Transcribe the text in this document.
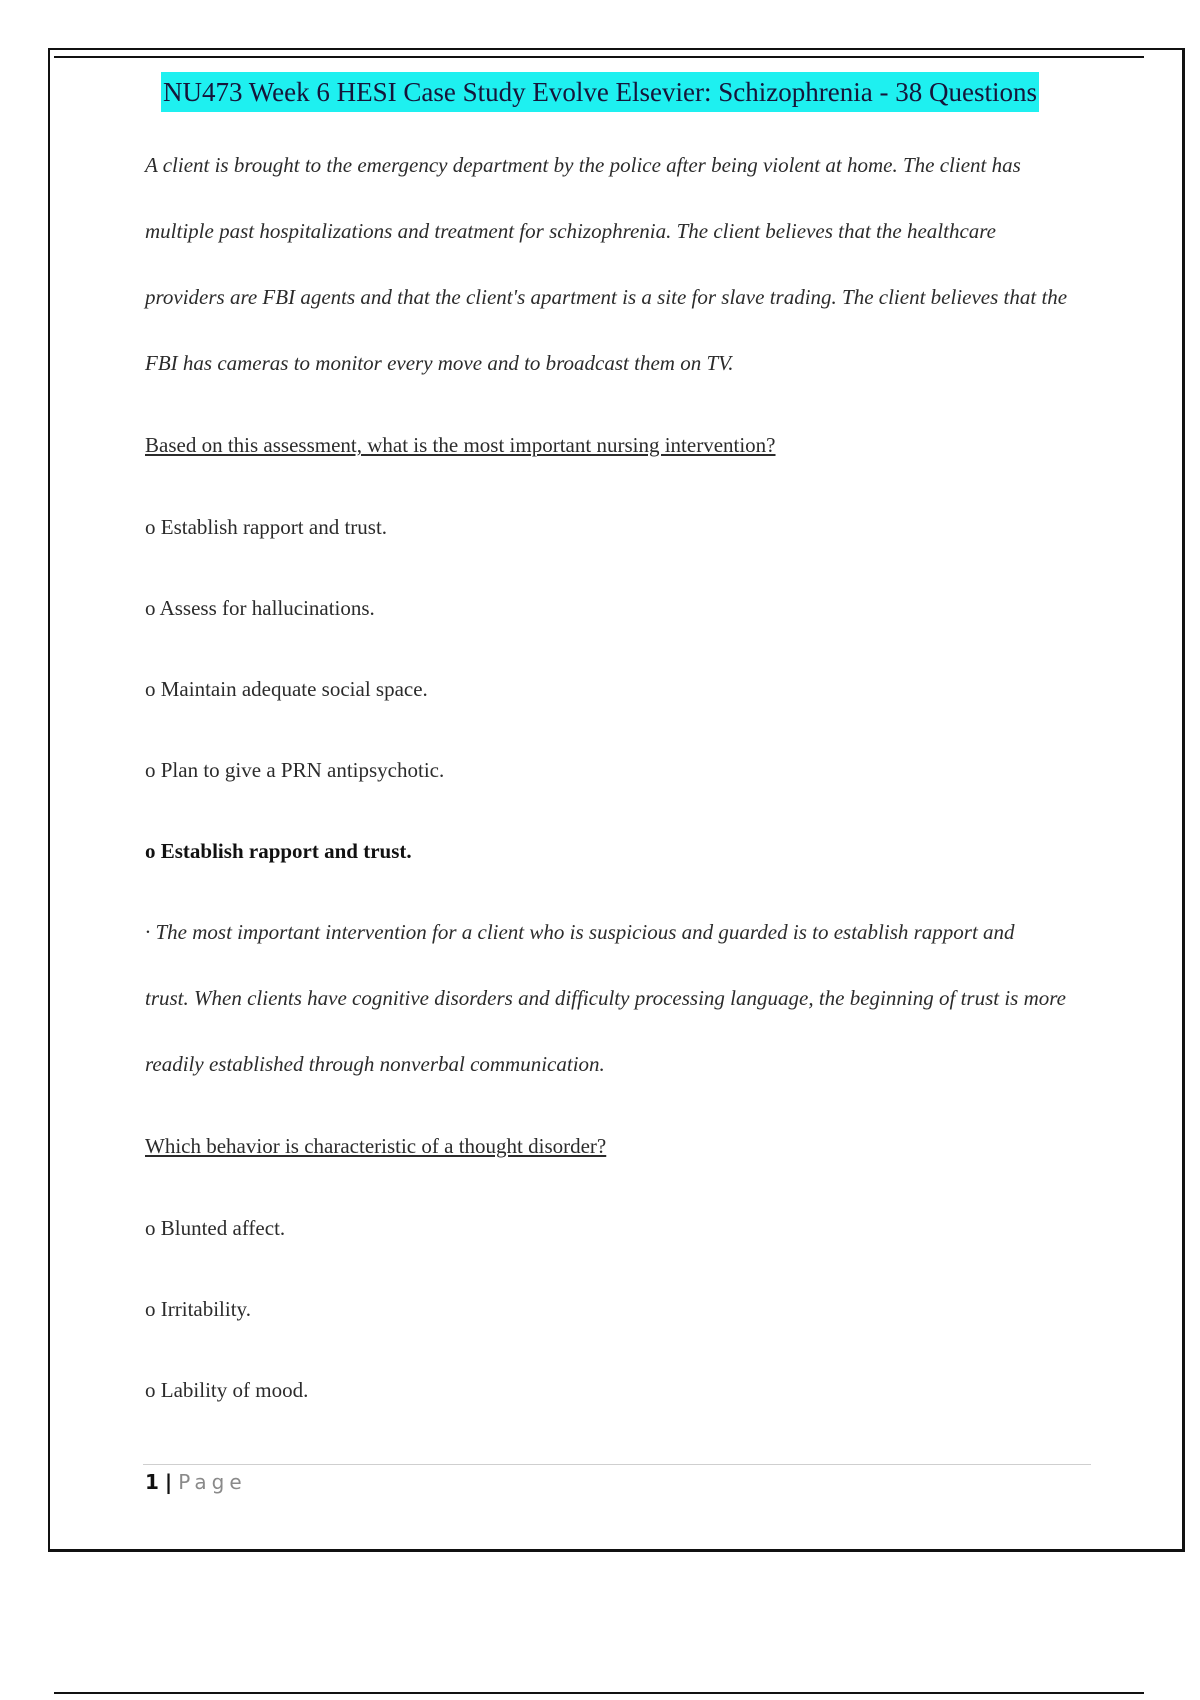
NU473 Week 6 HESI Case Study Evolve Elsevier: Schizophrenia - 38 Questions

A client is brought to the emergency department by the police after being violent at home. The client has

multiple past hospitalizations and treatment for schizophrenia. The client believes that the healthcare

providers are FBI agents and that the client's apartment is a site for slave trading. The client believes that the

FBI has cameras to monitor every move and to broadcast them on TV.

Based on this assessment, what is the most important nursing intervention?

o Establish rapport and trust.

o Assess for hallucinations.

o Maintain adequate social space.

o Plan to give a PRN antipsychotic.

o Establish rapport and trust.

· The most important intervention for a client who is suspicious and guarded is to establish rapport and

trust. When clients have cognitive disorders and difficulty processing language, the beginning of trust is more

readily established through nonverbal communication.

Which behavior is characteristic of a thought disorder?

o Blunted affect.

o Irritability.

o Lability of mood.

1 | Page
